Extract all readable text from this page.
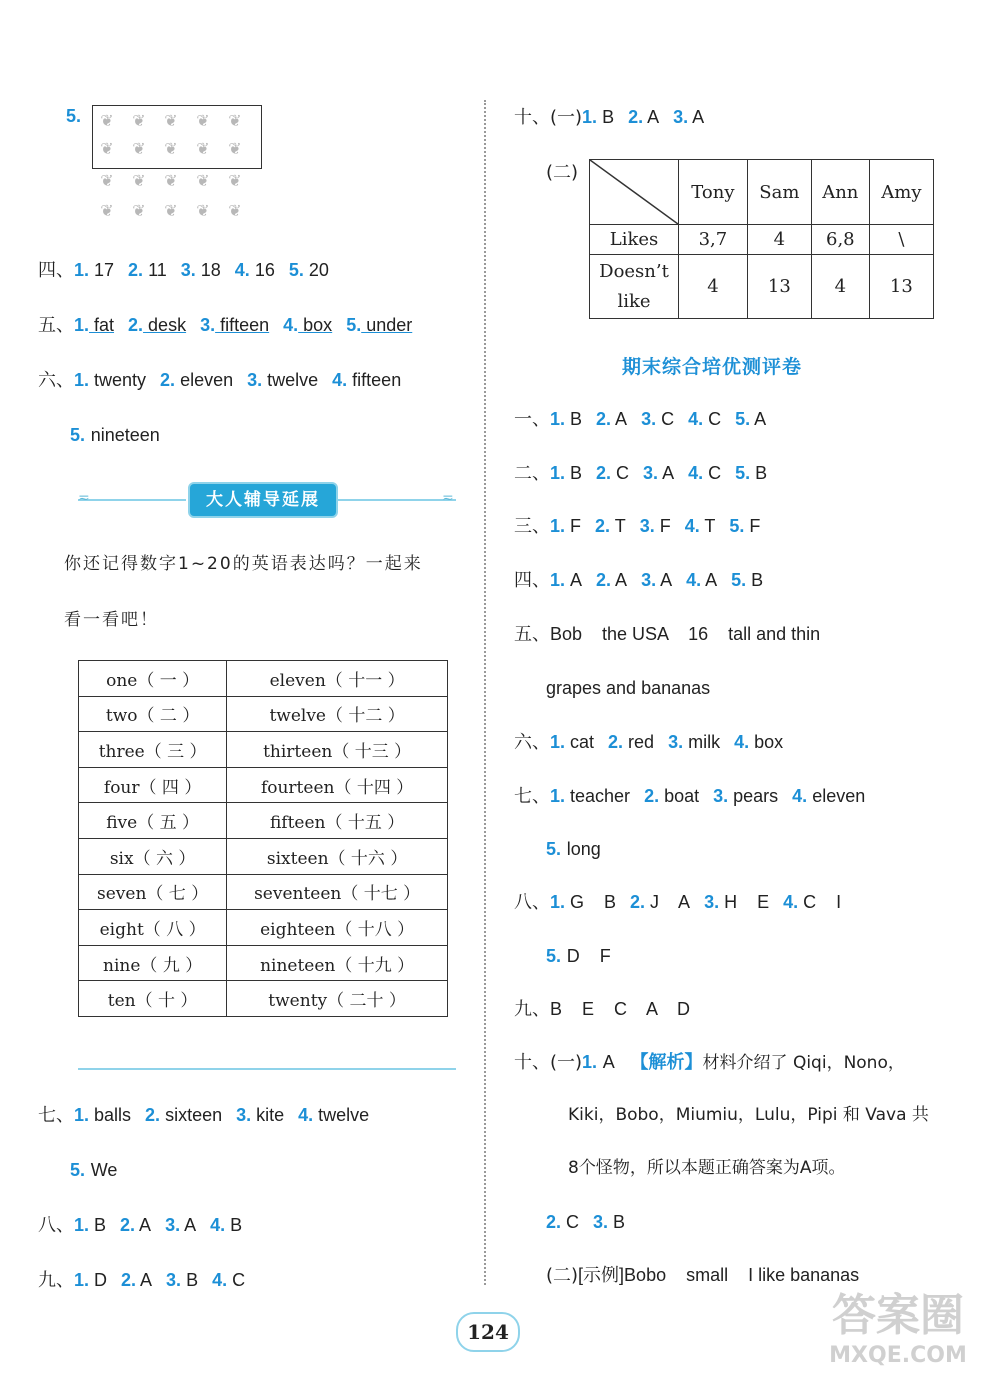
5. ❦ ❦ ❦ ❦ ❦
❦ ❦ ❦ ❦ ❦
❦ ❦ ❦ ❦ ❦
❦ ❦ ❦ ❦ ❦
四、1. 17 2. 11 3. 18 4. 16 5. 20
五、1. fat 2. desk 3. fifteen 4. box 5. under
六、1. twenty 2. eleven 3. twelve 4. fifteen
5. nineteen
≂	≂
大人辅导延展
你还记得数字1~20的英语表达吗？一起来
看一看吧！
one（ 一 ）	eleven（ 十一 ）
two（ 二 ）	twelve（ 十二 ）
three（ 三 ）	thirteen（ 十三 ）
four（ 四 ）	fourteen（ 十四 ）
five（ 五 ）	fifteen（ 十五 ）
six（ 六 ）	sixteen（ 十六 ）
seven（ 七 ）	seventeen（ 十七 ）
eight（ 八 ）	eighteen（ 十八 ）
nine（ 九 ）	nineteen（ 十九 ）
ten（ 十 ）	twenty（ 二十 ）
七、1. balls 2. sixteen 3. kite 4. twelve
5. We
八、1. B 2. A 3. A 4. B
九、1. D 2. A 3. B 4. C
十、(一)1. B 2. A 3. A
(二)
	Tony	Sam	Ann	Amy
Likes	3,7	4	6,8	\
Doesn’t
like	4	13	4	13
期末综合培优测评卷
一、1. B 2. A 3. C 4. C 5. A
二、1. B 2. C 3. A 4. C 5. B
三、1. F 2. T 3. F 4. T 5. F
四、1. A 2. A 3. A 4. A 5. B
五、Bob    the USA    16    tall and thin
grapes and bananas
六、1. cat 2. red 3. milk 4. box
七、1. teacher 2. boat 3. pears 4. eleven
5. long
八、1. G    B 2. J    A 3. H    E 4. C    I
5. D    F
九、B    E    C    A    D
十、(一)1. A 【解析】材料介绍了 Qiqi，Nono，
Kiki，Bobo，Miumiu，Lulu，Pipi 和 Vava 共
8个怪物，所以本题正确答案为A项。
2. C 3. B
(二)[示例]Bobo    small    I like bananas
124	答案圈
MXQE.COM
